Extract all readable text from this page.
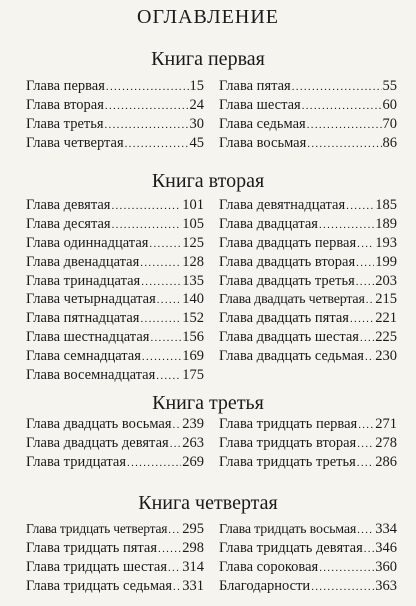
ОГЛАВЛЕНИЕ
Книга первая
Глава первая .....	15
Глава вторая .....	24
Глава третья .....	30
Глава четвертая .....	45
Глава пятая .....	55
Глава шестая .....	60
Глава седьмая .....	70
Глава восьмая .....	86
Книга вторая
Глава девятая .....	101
Глава десятая .....	105
Глава одиннадцатая ..... 125
Глава двенадцатая .....	128
Глава тринадцатая .....	135
Глава четырнадцатая ..... 140
Глава пятнадцатая .....	152
Глава шестнадцатая ..... 156
Глава семнадцатая .....	169
Глава восемнадцатая ..... 175
Глава девятнадцатая ..... 185
Глава двадцатая .....	189
Глава двадцать первая ..... 193
Глава двадцать вторая ..... 199
Глава двадцать третья ..... 203
Глава двадцать четвертая ..... 215
Глава двадцать пятая ..... 221
Глава двадцать шестая ..... 225
Глава двадцать седьмая ..... 230
Книга третья
Глава двадцать восьмая ..... 239
Глава двадцать девятая ..... 263
Глава тридцатая .....	269
Глава тридцать первая ..... 271
Глава тридцать вторая ..... 278
Глава тридцать третья ..... 286
Книга четвертая
Глава тридцать четвертая ..... 295
Глава тридцать пятая ..... 298
Глава тридцать шестая ..... 314
Глава тридцать седьмая ..... 331
Глава тридцать восьмая ..... 334
Глава тридцать девятая ..... 346
Глава сороковая .....	360
Благодарности .....	363
